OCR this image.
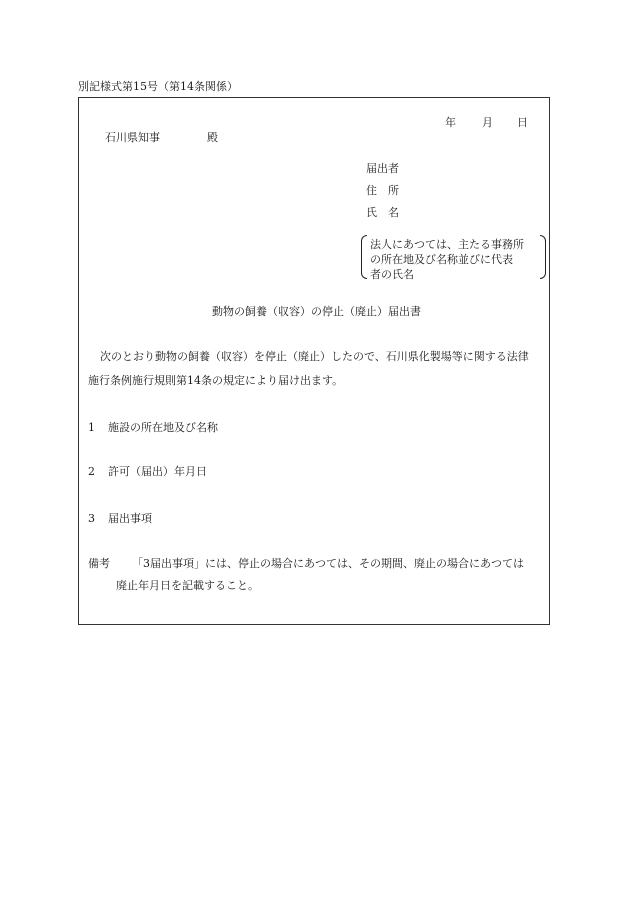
別記様式第15号（第14条関係）
年 月 日
石川県知事	殿
届出者
住　所
氏　名
法人にあつては、主たる事務所
の所在地及び名称並びに代表
者の氏名
動物の飼養（収容）の停止（廃止）届出書
次のとおり動物の飼養（収容）を停止（廃止）したので、石川県化製場等に関する法律
施行条例施行規則第14条の規定により届け出ます。
1 施設の所在地及び名称
2 許可（届出）年月日
3 届出事項
備考 「3届出事項」には、停止の場合にあつては、その期間、廃止の場合にあつては
廃止年月日を記載すること。
